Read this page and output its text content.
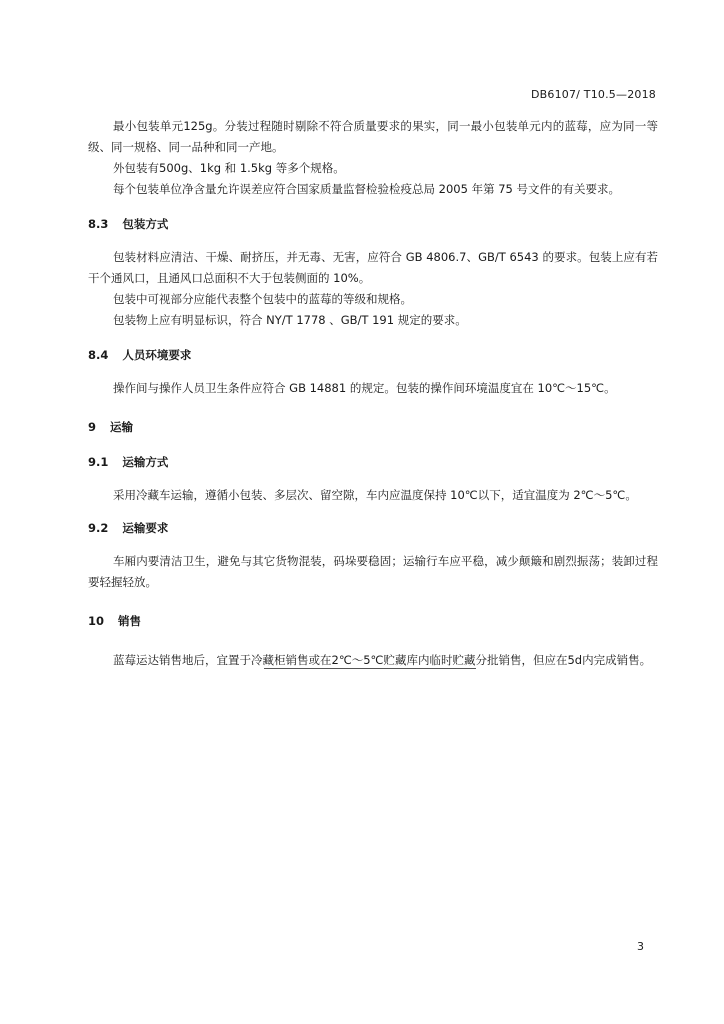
DB6107/ T10.5—2018

最小包装单元125g。分装过程随时剔除不符合质量要求的果实，同一最小包装单元内的蓝莓，应为同一等级、同一规格、同一品种和同一产地。

外包装有500g、1kg 和 1.5kg 等多个规格。

每个包装单位净含量允许误差应符合国家质量监督检验检疫总局 2005 年第 75 号文件的有关要求。

8.3 包装方式

包装材料应清洁、干燥、耐挤压，并无毒、无害，应符合 GB 4806.7、GB/T 6543 的要求。包装上应有若干个通风口，且通风口总面积不大于包装侧面的 10%。

包装中可视部分应能代表整个包装中的蓝莓的等级和规格。

包装物上应有明显标识，符合 NY/T 1778 、GB/T 191 规定的要求。

8.4 人员环境要求

操作间与操作人员卫生条件应符合 GB 14881 的规定。包装的操作间环境温度宜在 10℃～15℃。

9 运输
9.1 运输方式

采用冷藏车运输，遵循小包装、多层次、留空隙，车内应温度保持 10℃以下，适宜温度为 2℃～5℃。

9.2 运输要求

车厢内要清洁卫生，避免与其它货物混装，码垛要稳固；运输行车应平稳，减少颠簸和剧烈振荡；装卸过程要轻握轻放。

10 销售

蓝莓运达销售地后，宜置于冷藏柜销售或在2℃～5℃贮藏库内临时贮藏分批销售，但应在5d内完成销售。

3
